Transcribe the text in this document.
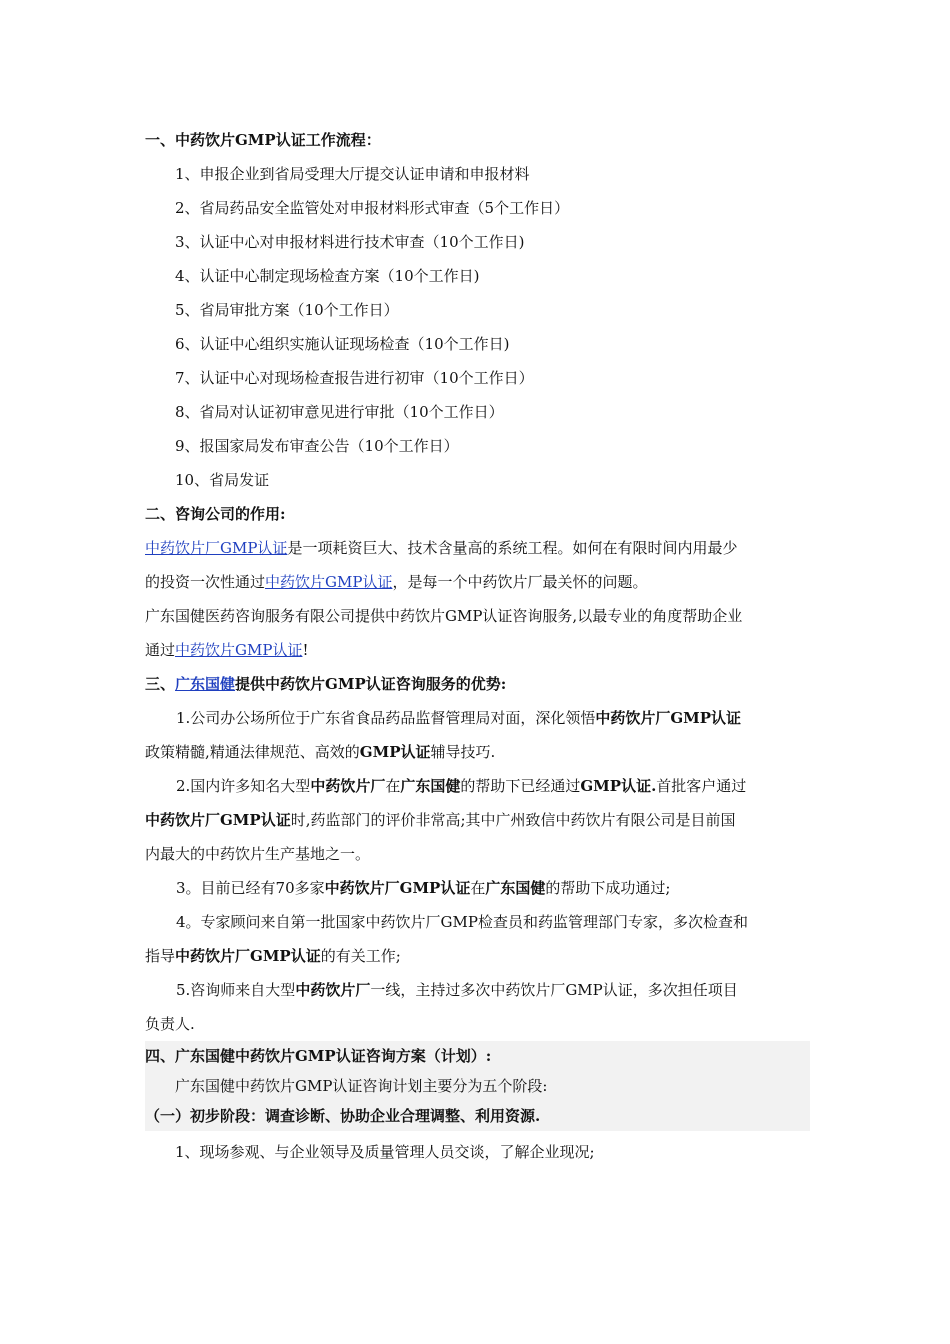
一、中药饮片GMP认证工作流程：
1、申报企业到省局受理大厅提交认证申请和申报材料
2、省局药品安全监管处对申报材料形式审查（5个工作日）
3、认证中心对申报材料进行技术审查（10个工作日)
4、认证中心制定现场检查方案（10个工作日)
5、省局审批方案（10个工作日）
6、认证中心组织实施认证现场检查（10个工作日)
7、认证中心对现场检查报告进行初审（10个工作日）
8、省局对认证初审意见进行审批（10个工作日）
9、报国家局发布审查公告（10个工作日）
10、省局发证
二、咨询公司的作用:
中药饮片厂GMP认证是一项耗资巨大、技术含量高的系统工程。如何在有限时间内用最少
的投资一次性通过中药饮片GMP认证，是每一个中药饮片厂最关怀的问题。
广东国健医药咨询服务有限公司提供中药饮片GMP认证咨询服务,以最专业的角度帮助企业
通过中药饮片GMP认证!
三、广东国健提供中药饮片GMP认证咨询服务的优势:
1.公司办公场所位于广东省食品药品监督管理局对面，深化领悟中药饮片厂GMP认证
政策精髓,精通法律规范、高效的GMP认证辅导技巧.
2.国内许多知名大型中药饮片厂在广东国健的帮助下已经通过GMP认证.首批客户通过
中药饮片厂GMP认证时,药监部门的评价非常高;其中广州致信中药饮片有限公司是目前国
内最大的中药饮片生产基地之一。
3。目前已经有70多家中药饮片厂GMP认证在广东国健的帮助下成功通过;
4。专家顾问来自第一批国家中药饮片厂GMP检查员和药监管理部门专家，多次检查和
指导中药饮片厂GMP认证的有关工作;
5.咨询师来自大型中药饮片厂一线，主持过多次中药饮片厂GMP认证，多次担任项目
负责人.
四、广东国健中药饮片GMP认证咨询方案（计划）:
广东国健中药饮片GMP认证咨询计划主要分为五个阶段:
（一）初步阶段：调查诊断、协助企业合理调整、利用资源.
1、现场参观、与企业领导及质量管理人员交谈，了解企业现况;
